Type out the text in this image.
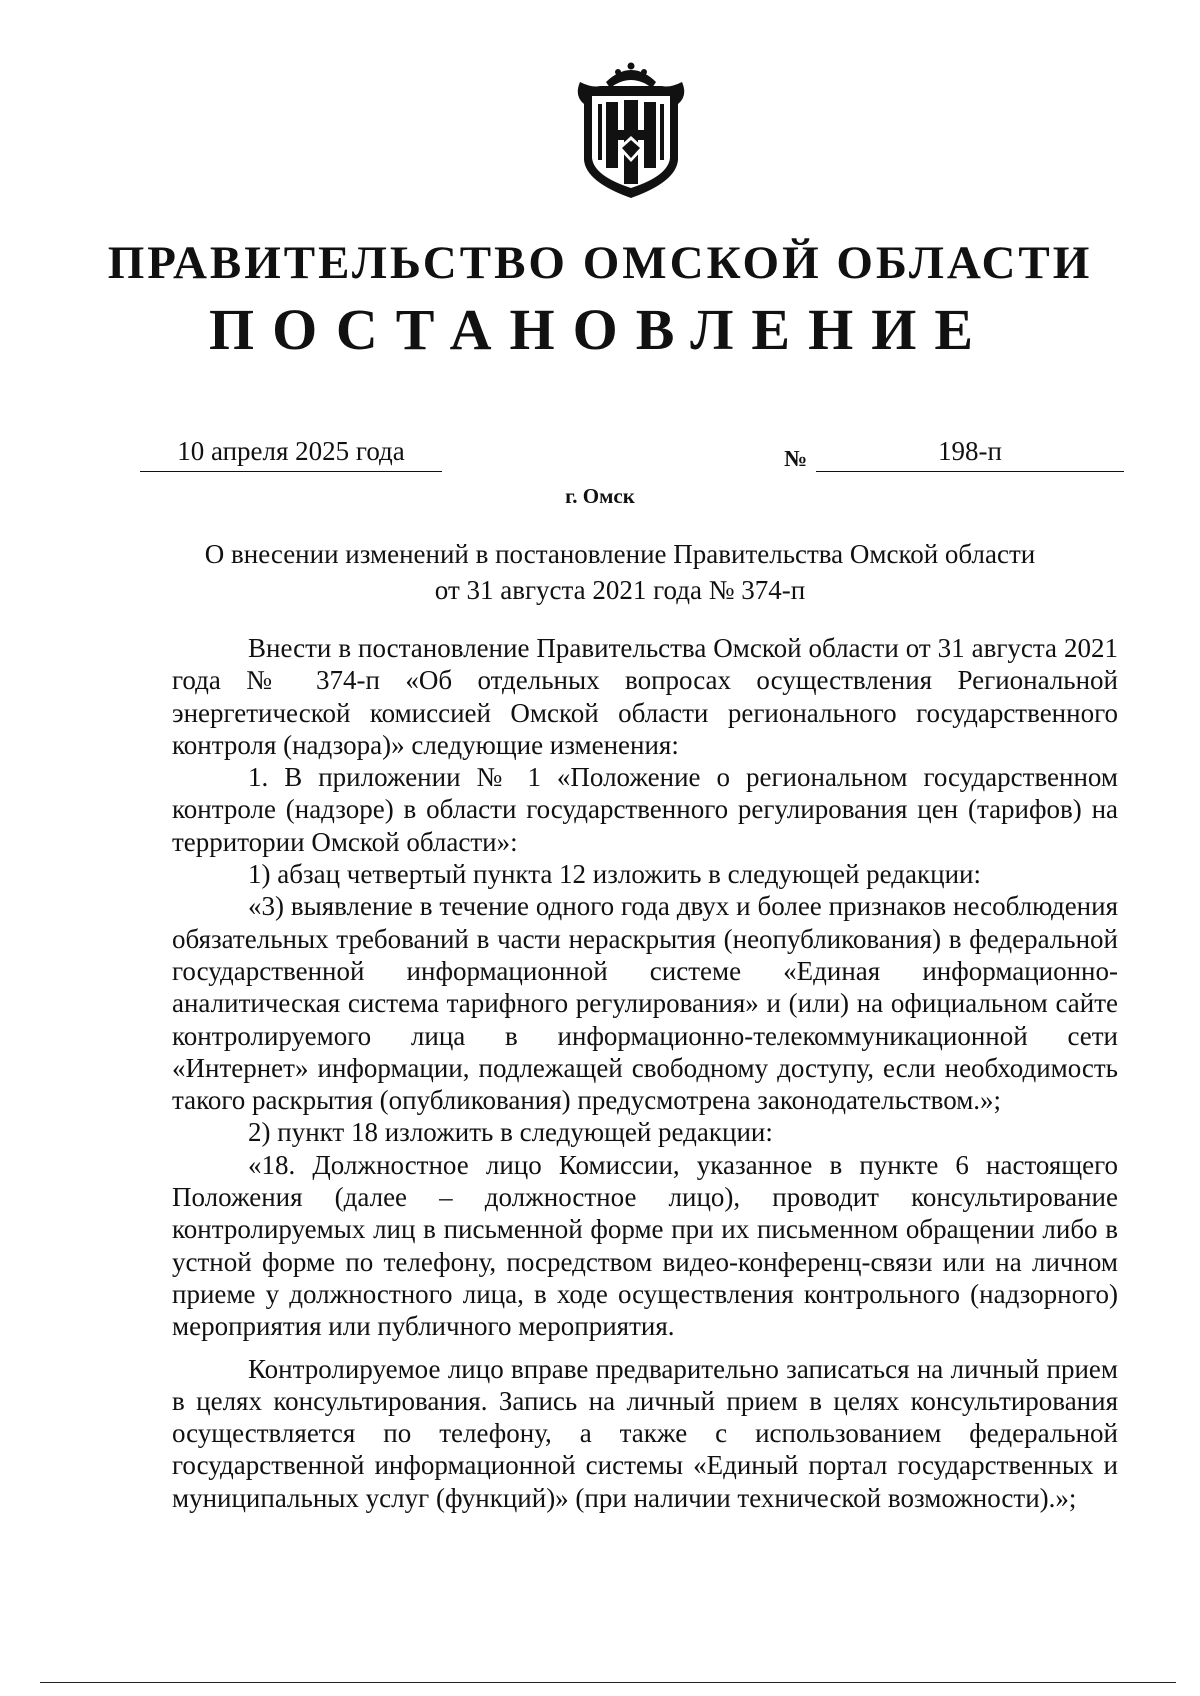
ПРАВИТЕЛЬСТВО ОМСКОЙ ОБЛАСТИ
ПОСТАНОВЛЕНИЕ
10 апреля 2025 года	№	198-п
г. Омск
О внесении изменений в постановление Правительства Омской области
от 31 августа 2021 года № 374-п

Внести в постановление Правительства Омской области от 31 августа 2021 года № 374-п «Об отдельных вопросах осуществления Региональной энергетической комиссией Омской области регионального государственного контроля (надзора)» следующие изменения:

1. В приложении № 1 «Положение о региональном государственном контроле (надзоре) в области государственного регулирования цен (тарифов) на территории Омской области»:

1) абзац четвертый пункта 12 изложить в следующей редакции:

«3) выявление в течение одного года двух и более признаков несоблюдения обязательных требований в части нераскрытия (неопубликования) в федеральной государственной информационной системе «Единая информационно-аналитическая система тарифного регулирования» и (или) на официальном сайте контролируемого лица в информационно-телекоммуникационной сети «Интернет» информации, подлежащей свободному доступу, если необходимость такого раскрытия (опубликования) предусмотрена законодательством.»;

2) пункт 18 изложить в следующей редакции:

«18. Должностное лицо Комиссии, указанное в пункте 6 настоящего Положения (далее – должностное лицо), проводит консультирование контролируемых лиц в письменной форме при их письменном обращении либо в устной форме по телефону, посредством видео-конференц-связи или на личном приеме у должностного лица, в ходе осуществления контрольного (надзорного) мероприятия или публичного мероприятия.

Контролируемое лицо вправе предварительно записаться на личный прием в целях консультирования. Запись на личный прием в целях консультирования осуществляется по телефону, а также с использованием федеральной государственной информационной системы «Единый портал государственных и муниципальных услуг (функций)» (при наличии технической возможности).»;
